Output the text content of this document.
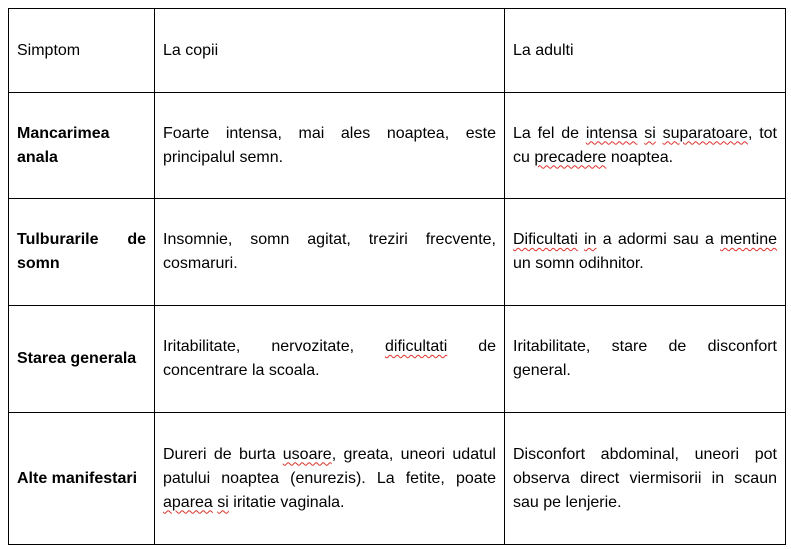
Simptom	La copii	La adulti
Mancarimea anala	Foarte intensa, mai ales noaptea, este principalul semn.	La fel de intensa si suparatoare, tot cu precadere noaptea.
Tulburarile de somn	Insomnie, somn agitat, treziri frecvente, cosmaruri.	Dificultati in a adormi sau a mentine un somn odihnitor.
Starea generala	Iritabilitate, nervozitate, dificultati de concentrare la scoala.	Iritabilitate, stare de disconfort general.
Alte manifestari	Dureri de burta usoare, greata, uneori udatul patului noaptea (enurezis). La fetite, poate aparea si iritatie vaginala.	Disconfort abdominal, uneori pot observa direct viermisorii in scaun sau pe lenjerie.
